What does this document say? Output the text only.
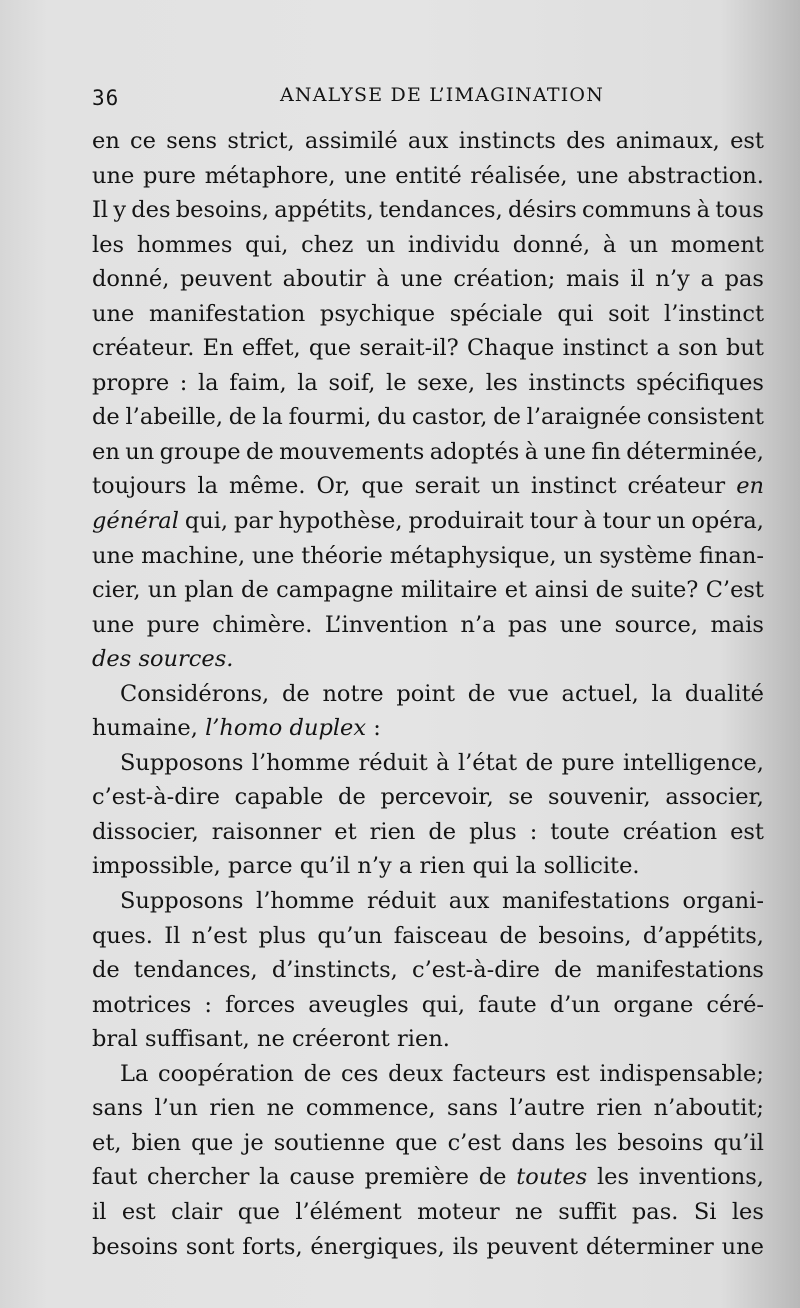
36	ANALYSE DE L’IMAGINATION
en ce sens strict, assimilé aux instincts des animaux, est
une pure métaphore, une entité réalisée, une abstraction.
Il y des besoins, appétits, tendances, désirs communs à tous
les hommes qui, chez un individu donné, à un moment
donné, peuvent aboutir à une création; mais il n’y a pas
une manifestation psychique spéciale qui soit l’instinct
créateur. En effet, que serait-il? Chaque instinct a son but
propre : la faim, la soif, le sexe, les instincts spécifiques
de l’abeille, de la fourmi, du castor, de l’araignée consistent
en un groupe de mouvements adoptés à une fin déterminée,
toujours la même. Or, que serait un instinct créateur en
général qui, par hypothèse, produirait tour à tour un opéra,
une machine, une théorie métaphysique, un système finan-
cier, un plan de campagne militaire et ainsi de suite? C’est
une pure chimère. L’invention n’a pas une source, mais
des sources.
Considérons, de notre point de vue actuel, la dualité
humaine, l’homo duplex :
Supposons l’homme réduit à l’état de pure intelligence,
c’est-à-dire capable de percevoir, se souvenir, associer,
dissocier, raisonner et rien de plus : toute création est
impossible, parce qu’il n’y a rien qui la sollicite.
Supposons l’homme réduit aux manifestations organi-
ques. Il n’est plus qu’un faisceau de besoins, d’appétits,
de tendances, d’instincts, c’est-à-dire de manifestations
motrices : forces aveugles qui, faute d’un organe céré-
bral suffisant, ne créeront rien.
La coopération de ces deux facteurs est indispensable;
sans l’un rien ne commence, sans l’autre rien n’aboutit;
et, bien que je soutienne que c’est dans les besoins qu’il
faut chercher la cause première de toutes les inventions,
il est clair que l’élément moteur ne suffit pas. Si les
besoins sont forts, énergiques, ils peuvent déterminer une
